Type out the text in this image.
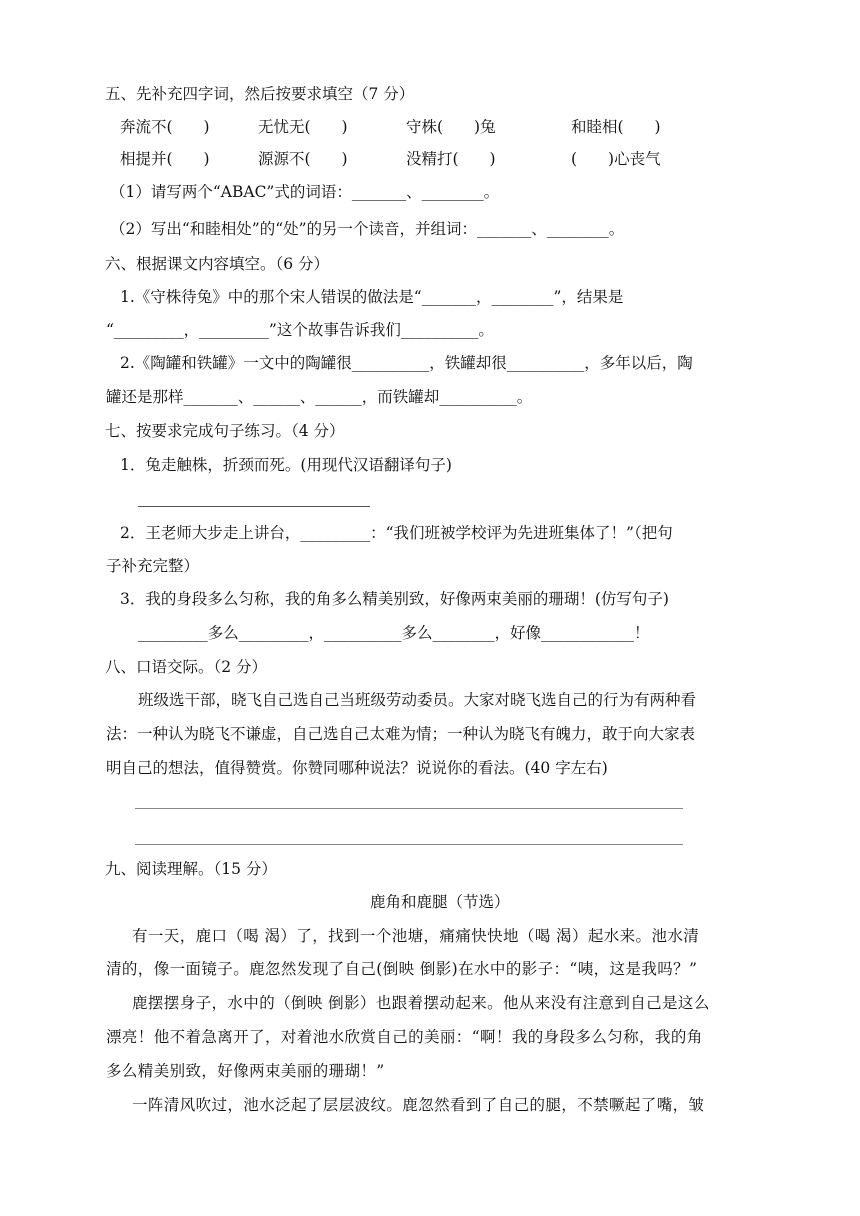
五、先补充四字词，然后按要求填空（7 分）
奔流不(　　)	无忧无(　　)	守株(　　)兔	和睦相(　　)
相提并(　　)	源源不(　　)	没精打(　　)	(　　)心丧气
（1）请写两个“ABAC”式的词语：_______、________。
（2）写出“和睦相处”的“处”的另一个读音，并组词：_______、________。
六、根据课文内容填空。（6 分）
1.《守株待兔》中的那个宋人错误的做法是“_______，________”，结果是
“_________，_________”这个故事告诉我们__________。
2.《陶罐和铁罐》一文中的陶罐很__________，铁罐却很__________，多年以后，陶
罐还是那样_______、______、______，而铁罐却__________。
七、按要求完成句子练习。（4 分）
1．兔走触株，折颈而死。(用现代汉语翻译句子)
2．王老师大步走上讲台，_________：“我们班被学校评为先进班集体了！”（把句
子补充完整）
3．我的身段多么匀称，我的角多么精美别致，好像两束美丽的珊瑚！(仿写句子)
_________多么_________，__________多么________，好像____________！
八、口语交际。（2 分）
班级选干部，晓飞自己选自己当班级劳动委员。大家对晓飞选自己的行为有两种看
法：一种认为晓飞不谦虚，自己选自己太难为情；一种认为晓飞有魄力，敢于向大家表
明自己的想法，值得赞赏。你赞同哪种说法？说说你的看法。(40 字左右)
九、阅读理解。（15 分）
鹿角和鹿腿（节选）
有一天，鹿口（喝 渴）了，找到一个池塘，痛痛快快地（喝 渴）起水来。池水清
清的，像一面镜子。鹿忽然发现了自己(倒映 倒影)在水中的影子：“咦，这是我吗？”
鹿摆摆身子，水中的（倒映 倒影）也跟着摆动起来。他从来没有注意到自己是这么
漂亮！他不着急离开了，对着池水欣赏自己的美丽：“啊！我的身段多么匀称，我的角
多么精美别致，好像两束美丽的珊瑚！”
一阵清风吹过，池水泛起了层层波纹。鹿忽然看到了自己的腿，不禁噘起了嘴，皱
